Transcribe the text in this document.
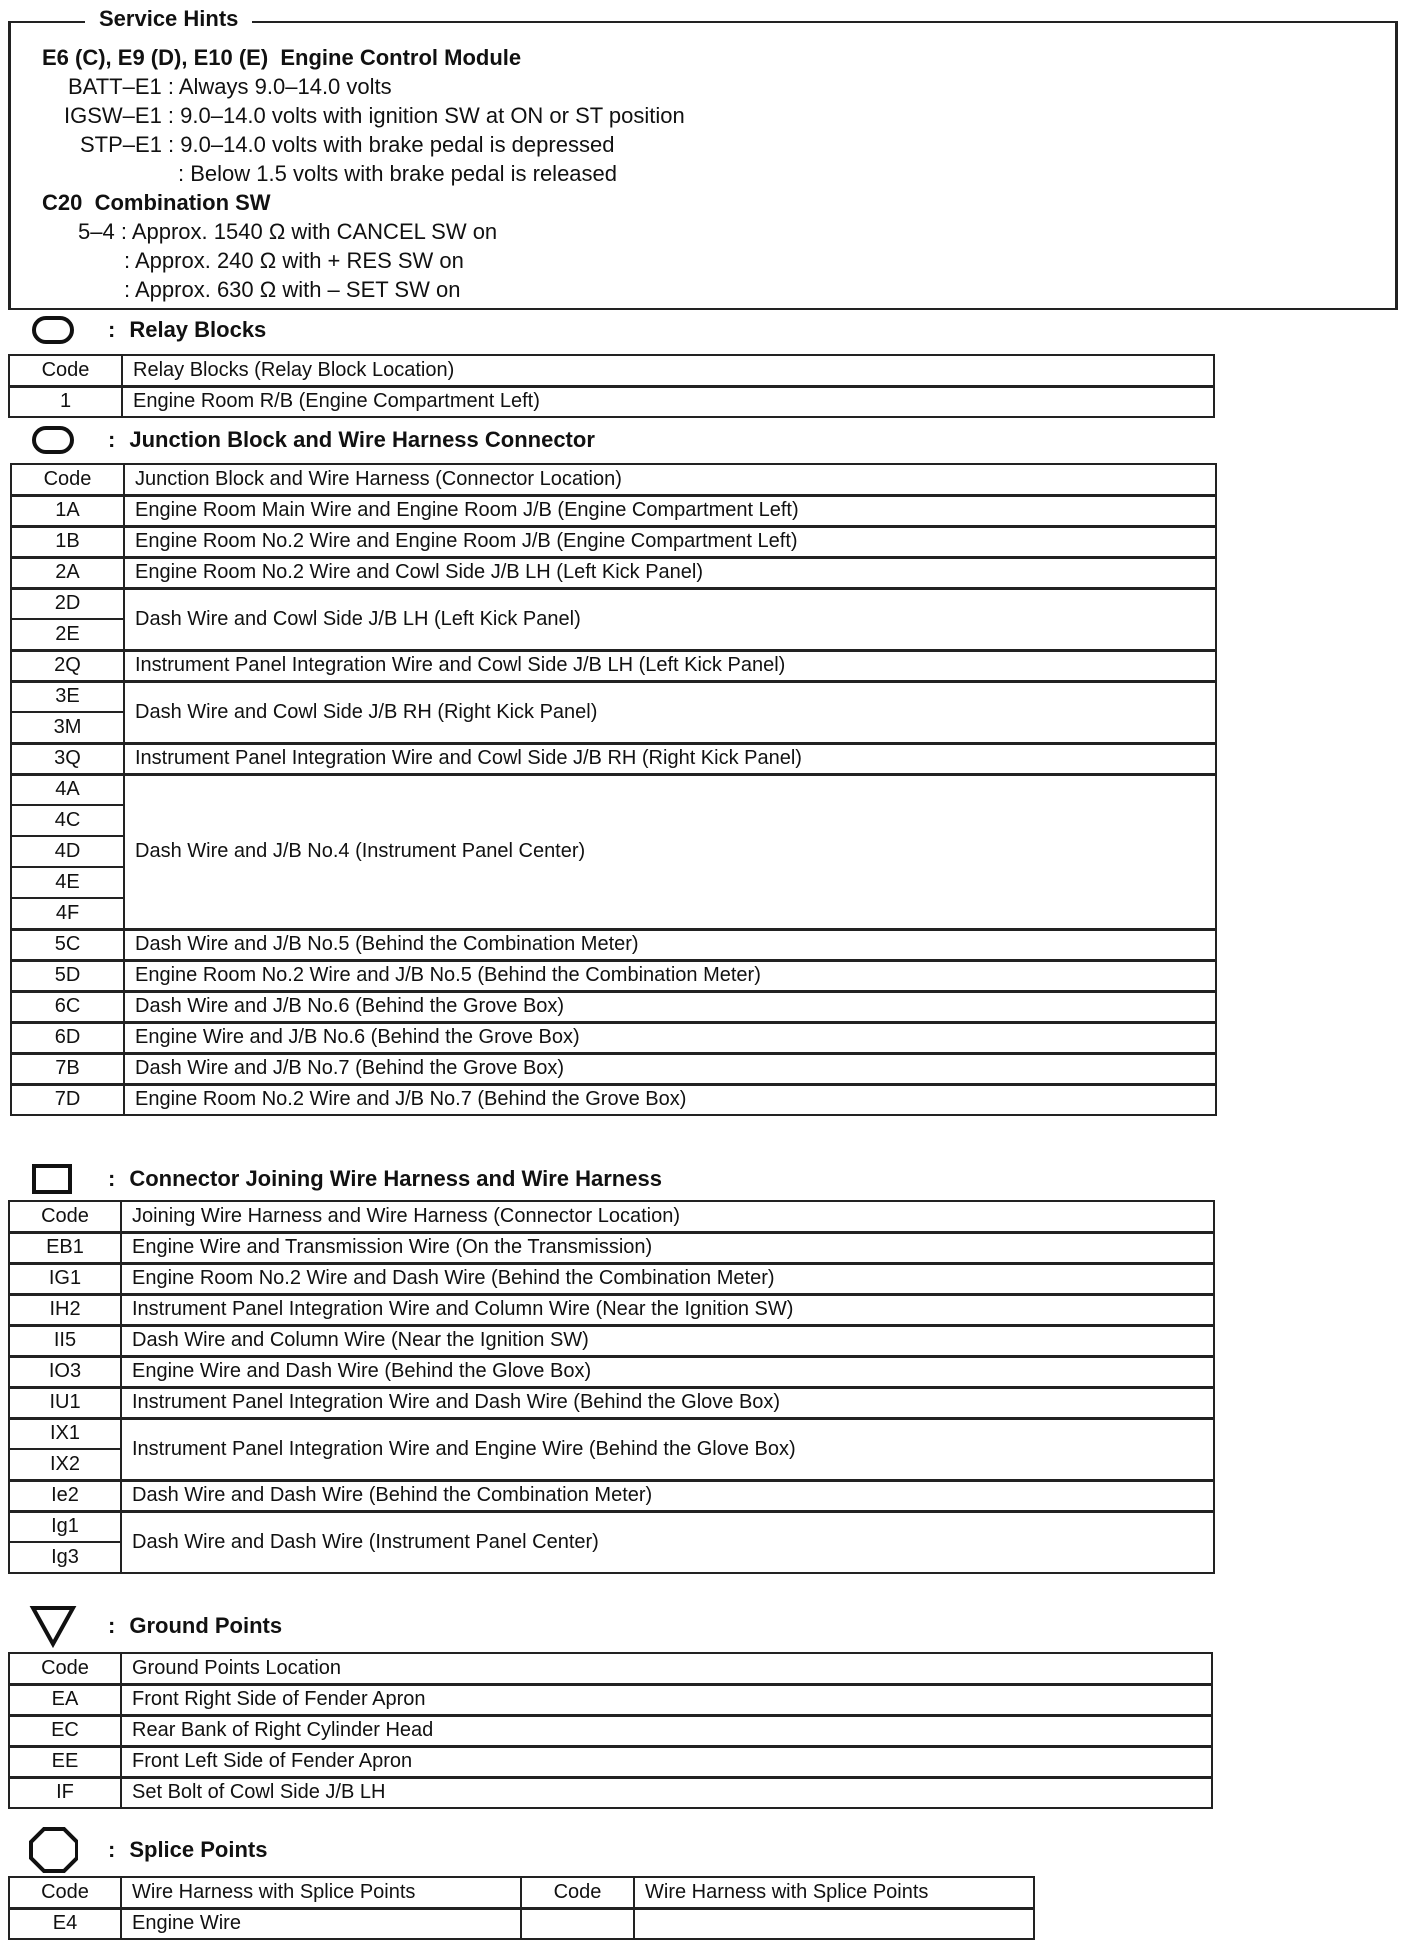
Service Hints
E6 (C), E9 (D), E10 (E)  Engine Control Module
BATT–E1 : Always 9.0–14.0 volts
IGSW–E1 : 9.0–14.0 volts with ignition SW at ON or ST position
STP–E1 : 9.0–14.0 volts with brake pedal is depressed
: Below 1.5 volts with brake pedal is released
C20  Combination SW
5–4 : Approx. 1540 Ω with CANCEL SW on
: Approx. 240 Ω with + RES SW on
: Approx. 630 Ω with – SET SW on
: Relay Blocks
Code	Relay Blocks (Relay Block Location)
1	Engine Room R/B (Engine Compartment Left)
: Junction Block and Wire Harness Connector
Code	Junction Block and Wire Harness (Connector Location)
1A	Engine Room Main Wire and Engine Room J/B (Engine Compartment Left)
1B	Engine Room No.2 Wire and Engine Room J/B (Engine Compartment Left)
2A	Engine Room No.2 Wire and Cowl Side J/B LH (Left Kick Panel)
2D	Dash Wire and Cowl Side J/B LH (Left Kick Panel)
2E	
2Q	Instrument Panel Integration Wire and Cowl Side J/B LH (Left Kick Panel)
3E	Dash Wire and Cowl Side J/B RH (Right Kick Panel)
3M	
3Q	Instrument Panel Integration Wire and Cowl Side J/B RH (Right Kick Panel)
4A	Dash Wire and J/B No.4 (Instrument Panel Center)
4C	
4D	
4E	
4F	
5C	Dash Wire and J/B No.5 (Behind the Combination Meter)
5D	Engine Room No.2 Wire and J/B No.5 (Behind the Combination Meter)
6C	Dash Wire and J/B No.6 (Behind the Grove Box)
6D	Engine Wire and J/B No.6 (Behind the Grove Box)
7B	Dash Wire and J/B No.7 (Behind the Grove Box)
7D	Engine Room No.2 Wire and J/B No.7 (Behind the Grove Box)
: Connector Joining Wire Harness and Wire Harness
Code	Joining Wire Harness and Wire Harness (Connector Location)
EB1	Engine Wire and Transmission Wire (On the Transmission)
IG1	Engine Room No.2 Wire and Dash Wire (Behind the Combination Meter)
IH2	Instrument Panel Integration Wire and Column Wire (Near the Ignition SW)
II5	Dash Wire and Column Wire (Near the Ignition SW)
IO3	Engine Wire and Dash Wire (Behind the Glove Box)
IU1	Instrument Panel Integration Wire and Dash Wire (Behind the Glove Box)
IX1	Instrument Panel Integration Wire and Engine Wire (Behind the Glove Box)
IX2	
Ie2	Dash Wire and Dash Wire (Behind the Combination Meter)
Ig1	Dash Wire and Dash Wire (Instrument Panel Center)
Ig3	
: Ground Points
Code	Ground Points Location
EA	Front Right Side of Fender Apron
EC	Rear Bank of Right Cylinder Head
EE	Front Left Side of Fender Apron
IF	Set Bolt of Cowl Side J/B LH
: Splice Points
Code	Wire Harness with Splice Points	Code	Wire Harness with Splice Points
E4	Engine Wire		
